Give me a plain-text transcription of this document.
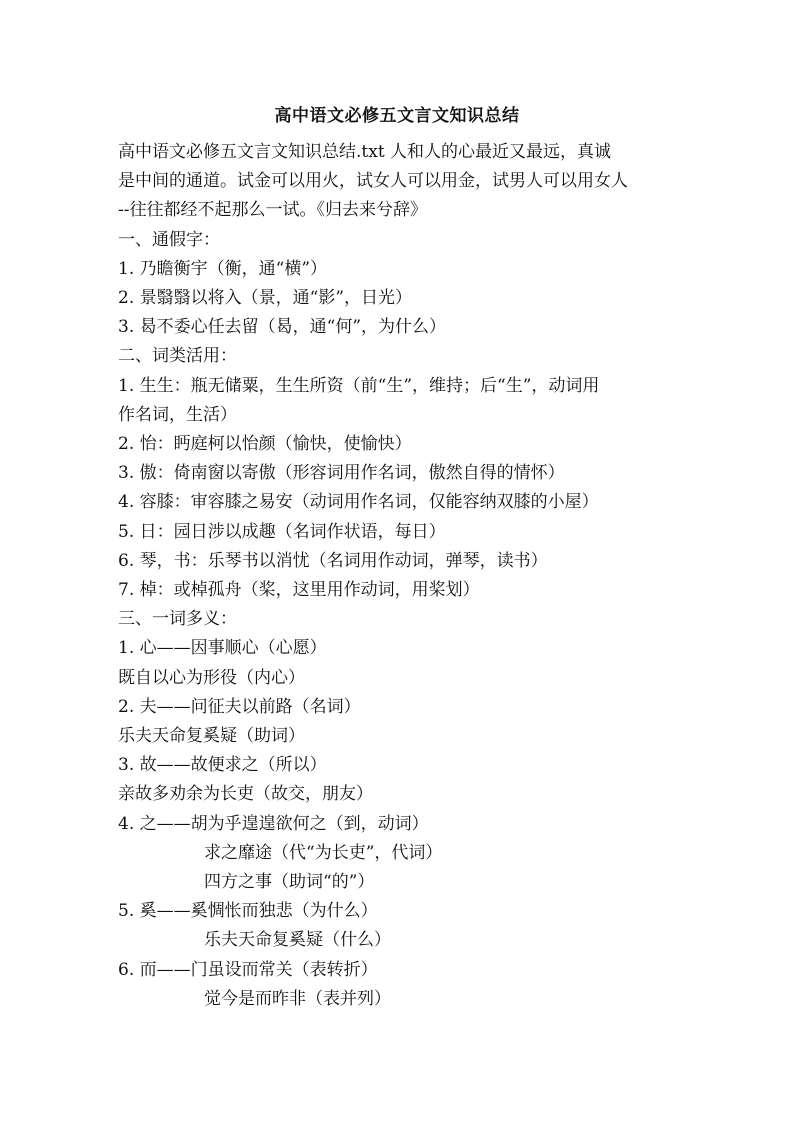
高中语文必修五文言文知识总结
高中语文必修五文言文知识总结.txt 人和人的心最近又最远，真诚
是中间的通道。试金可以用火，试女人可以用金，试男人可以用女人
--往往都经不起那么一试。《归去来兮辞》
一、通假字：
1. 乃瞻衡宇（衡，通“横”）
2. 景翳翳以将入（景，通“影”，日光）
3. 曷不委心任去留（曷，通“何”，为什么）
二、词类活用：
1. 生生：瓶无储粟，生生所资（前“生”，维持；后“生”，动词用
作名词，生活）
2. 怡：眄庭柯以怡颜（愉快，使愉快）
3. 傲：倚南窗以寄傲（形容词用作名词，傲然自得的情怀）
4. 容膝：审容膝之易安（动词用作名词，仅能容纳双膝的小屋）
5. 日：园日涉以成趣（名词作状语，每日）
6. 琴，书：乐琴书以消忧（名词用作动词，弹琴，读书）
7. 棹：或棹孤舟（桨，这里用作动词，用桨划）
三、一词多义：
1. 心——因事顺心（心愿）
既自以心为形役（内心）
2. 夫——问征夫以前路（名词）
乐夫天命复奚疑（助词）
3. 故——故便求之（所以）
亲故多劝余为长吏（故交，朋友）
4. 之——胡为乎遑遑欲何之（到，动词）
求之靡途（代“为长吏”，代词）
四方之事（助词“的”）
5. 奚——奚惆怅而独悲（为什么）
乐夫天命复奚疑（什么）
6. 而——门虽设而常关（表转折）
觉今是而昨非（表并列）
